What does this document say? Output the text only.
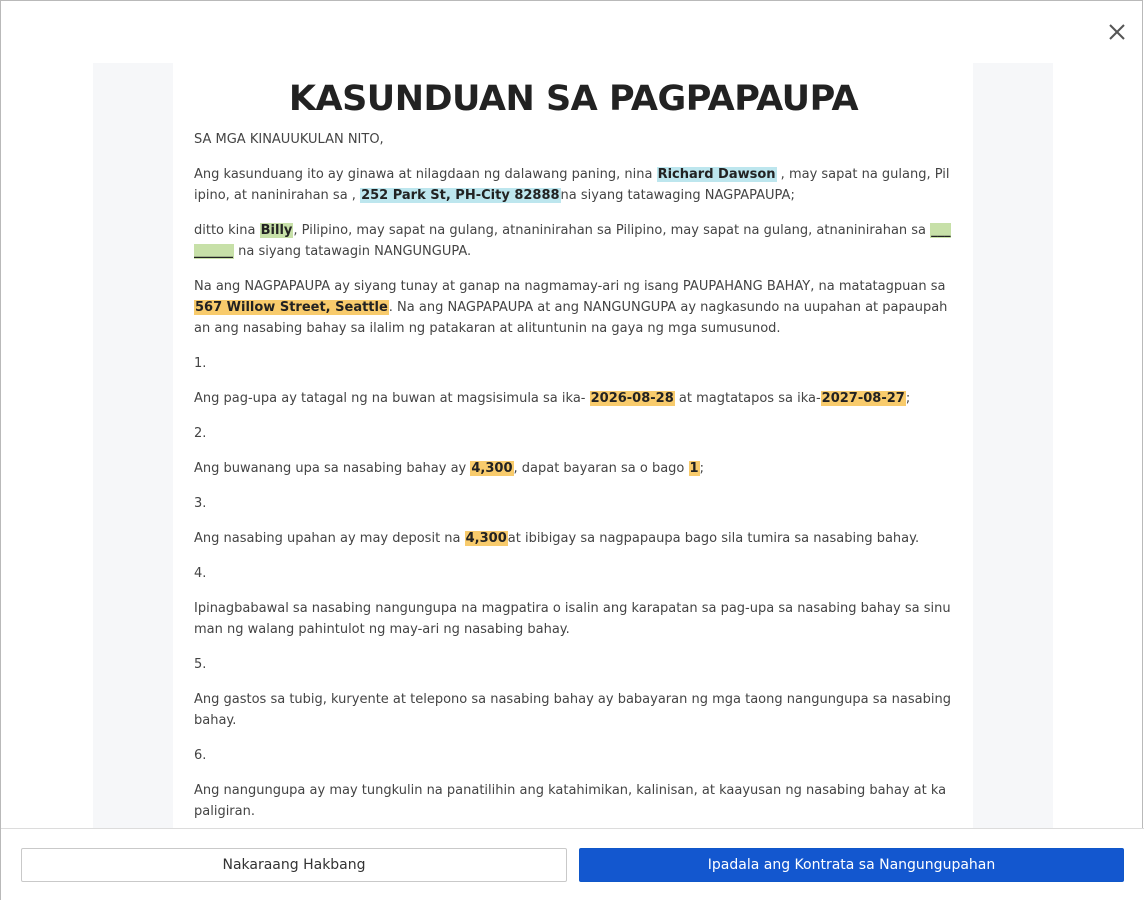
KASUNDUAN SA PAGPAPAUPA

SA MGA KINAUUKULAN NITO,

Ang kasunduang ito ay ginawa at nilagdaan ng dalawang paning, nina Richard Dawson , may sapat na gulang, Pilipino, at naninirahan sa , 252 Park St, PH-City 82888na siyang tatawaging NAGPAPAUPA;

ditto kina Billy, Pilipino, may sapat na gulang, atnaninirahan sa Pilipino, may sapat na gulang, atnaninirahan sa _________ na siyang tatawagin NANGUNGUPA.

Na ang NAGPAPAUPA ay siyang tunay at ganap na nagmamay-ari ng isang PAUPAHANG BAHAY, na matatagpuan sa 567 Willow Street, Seattle. Na ang NAGPAPAUPA at ang NANGUNGUPA ay nagkasundo na uupahan at papaupahan ang nasabing bahay sa ilalim ng patakaran at alituntunin na gaya ng mga sumusunod.

1.

Ang pag-upa ay tatagal ng na buwan at magsisimula sa ika- 2026-08-28 at magtatapos sa ika-2027-08-27;

2.

Ang buwanang upa sa nasabing bahay ay 4,300, dapat bayaran sa o bago 1;

3.

Ang nasabing upahan ay may deposit na 4,300at ibibigay sa nagpapaupa bago sila tumira sa nasabing bahay.

4.

Ipinagbabawal sa nasabing nangungupa na magpatira o isalin ang karapatan sa pag-upa sa nasabing bahay sa sinuman ng walang pahintulot ng may-ari ng nasabing bahay.

5.

Ang gastos sa tubig, kuryente at telepono sa nasabing bahay ay babayaran ng mga taong nangungupa sa nasabing bahay.

6.

Ang nangungupa ay may tungkulin na panatilihin ang katahimikan, kalinisan, at kaayusan ng nasabing bahay at kapaligiran.

Nakaraang Hakbang	Ipadala ang Kontrata sa Nangungupahan
